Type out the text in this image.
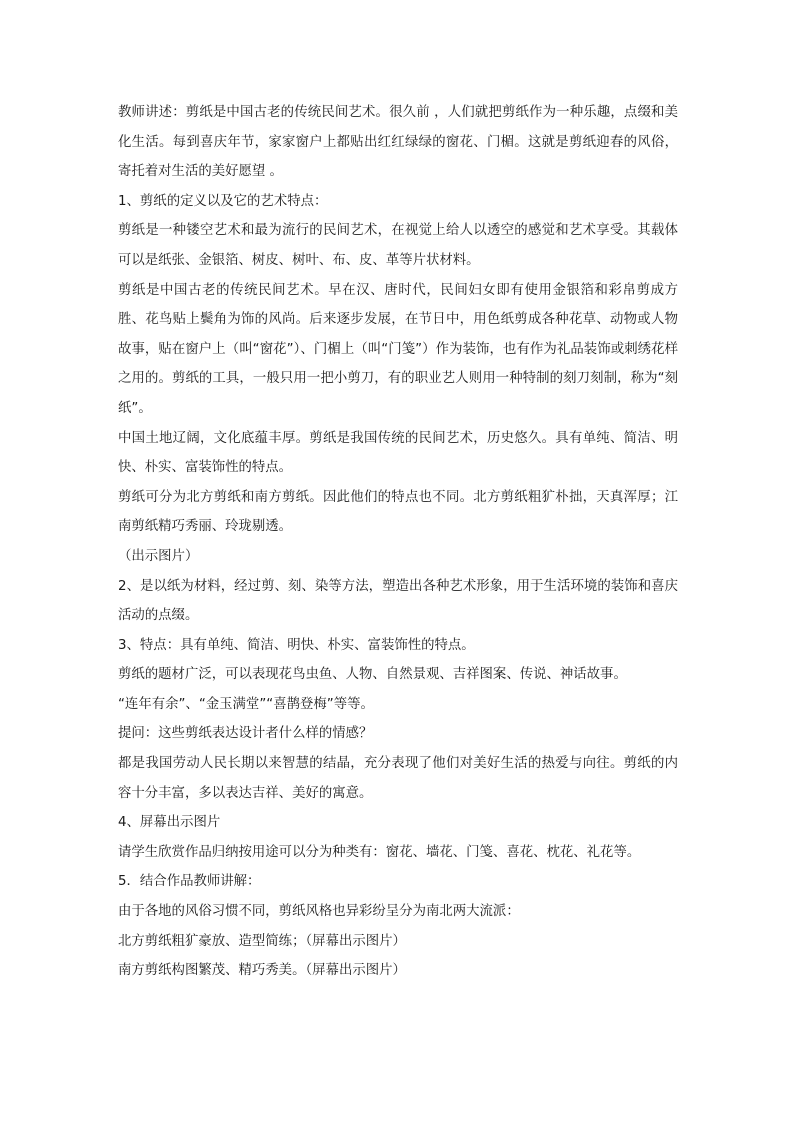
教师讲述：剪纸是中国古老的传统民间艺术。很久前 ，人们就把剪纸作为一种乐趣，点缀和美化生活。每到喜庆年节，家家窗户上都贴出红红绿绿的窗花、门楣。这就是剪纸迎春的风俗，寄托着对生活的美好愿望 。

1、剪纸的定义以及它的艺术特点：

剪纸是一种镂空艺术和最为流行的民间艺术，在视觉上给人以透空的感觉和艺术享受。其载体可以是纸张、金银箔、树皮、树叶、布、皮、革等片状材料。

剪纸是中国古老的传统民间艺术。早在汉、唐时代，民间妇女即有使用金银箔和彩帛剪成方胜、花鸟贴上鬓角为饰的风尚。后来逐步发展，在节日中，用色纸剪成各种花草、动物或人物故事，贴在窗户上（叫“窗花”）、门楣上（叫“门笺”）作为装饰，也有作为礼品装饰或刺绣花样之用的。剪纸的工具，一般只用一把小剪刀，有的职业艺人则用一种特制的刻刀刻制，称为“刻纸”。

中国土地辽阔，文化底蕴丰厚。剪纸是我国传统的民间艺术，历史悠久。具有单纯、简洁、明快、朴实、富装饰性的特点。

剪纸可分为北方剪纸和南方剪纸。因此他们的特点也不同。北方剪纸粗犷朴拙，天真浑厚；江南剪纸精巧秀丽、玲珑剔透。

（出示图片）

2、是以纸为材料，经过剪、刻、染等方法，塑造出各种艺术形象，用于生活环境的装饰和喜庆活动的点缀。

3、特点：具有单纯、简洁、明快、朴实、富装饰性的特点。

剪纸的题材广泛，可以表现花鸟虫鱼、人物、自然景观、吉祥图案、传说、神话故事。

“连年有余”、“金玉满堂”“喜鹊登梅”等等。

提问：这些剪纸表达设计者什么样的情感？

都是我国劳动人民长期以来智慧的结晶，充分表现了他们对美好生活的热爱与向往。剪纸的内容十分丰富，多以表达吉祥、美好的寓意。

4、屏幕出示图片

请学生欣赏作品归纳按用途可以分为种类有：窗花、墙花、门笺、喜花、枕花、礼花等。

5．结合作品教师讲解：

由于各地的风俗习惯不同，剪纸风格也异彩纷呈分为南北两大流派：

北方剪纸粗犷豪放、造型简练；（屏幕出示图片）

南方剪纸构图繁茂、精巧秀美。（屏幕出示图片）
